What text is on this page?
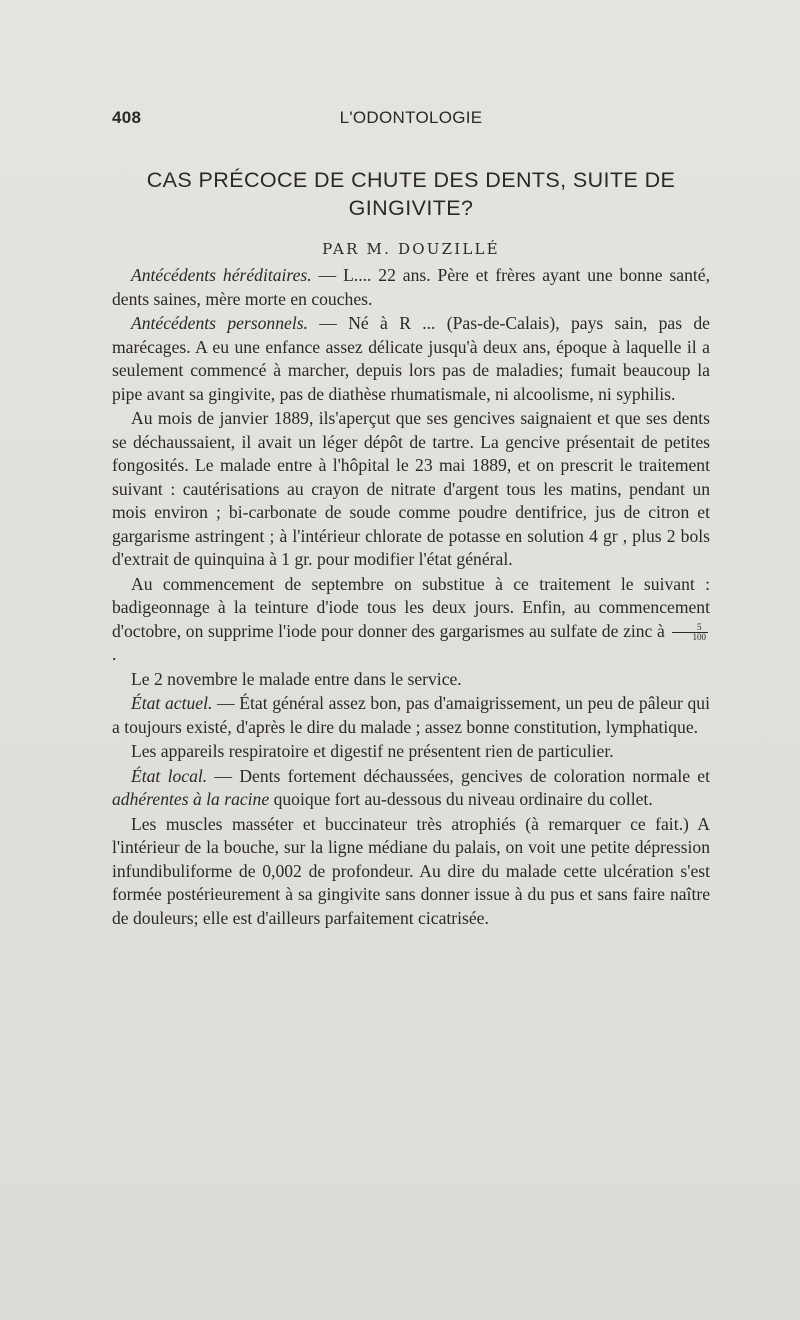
408	L'ODONTOLOGIE
CAS PRÉCOCE DE CHUTE DES DENTS, SUITE DE GINGIVITE?
PAR M. DOUZILLÉ

Antécédents héréditaires. — L.... 22 ans. Père et frères ayant une bonne santé, dents saines, mère morte en couches.

Antécédents personnels. — Né à R ... (Pas-de-Calais), pays sain, pas de marécages. A eu une enfance assez délicate jusqu'à deux ans, époque à laquelle il a seulement commencé à marcher, depuis lors pas de maladies; fumait beaucoup la pipe avant sa gingivite, pas de diathèse rhumatismale, ni alcoolisme, ni syphilis.

Au mois de janvier 1889, ils'aperçut que ses gencives saignaient et que ses dents se déchaussaient, il avait un léger dépôt de tartre. La gencive présentait de petites fongosités. Le malade entre à l'hôpital le 23 mai 1889, et on prescrit le traitement suivant : cautérisations au crayon de nitrate d'argent tous les matins, pendant un mois environ ; bi-carbonate de soude comme poudre dentifrice, jus de citron et gargarisme astringent ; à l'intérieur chlorate de potasse en solution 4 gr , plus 2 bols d'extrait de quinquina à 1 gr. pour modifier l'état général.

Au commencement de septembre on substitue à ce traitement le suivant : badigeonnage à la teinture d'iode tous les deux jours. Enfin, au commencement d'octobre, on supprime l'iode pour donner des gargarismes au sulfate de zinc à $\frac{5}{100}$
.

Le 2 novembre le malade entre dans le service.

État actuel. — État général assez bon, pas d'amaigrissement, un peu de pâleur qui a toujours existé, d'après le dire du malade ; assez bonne constitution, lymphatique.

Les appareils respiratoire et digestif ne présentent rien de particulier.

État local. — Dents fortement déchaussées, gencives de coloration normale et adhérentes à la racine quoique fort au-dessous du niveau ordinaire du collet.

Les muscles masséter et buccinateur très atrophiés (à remarquer ce fait.) A l'intérieur de la bouche, sur la ligne médiane du palais, on voit une petite dépression infundibuliforme de 0,002 de profondeur. Au dire du malade cette ulcération s'est formée postérieurement à sa gingivite sans donner issue à du pus et sans faire naître de douleurs; elle est d'ailleurs parfaitement cicatrisée.
